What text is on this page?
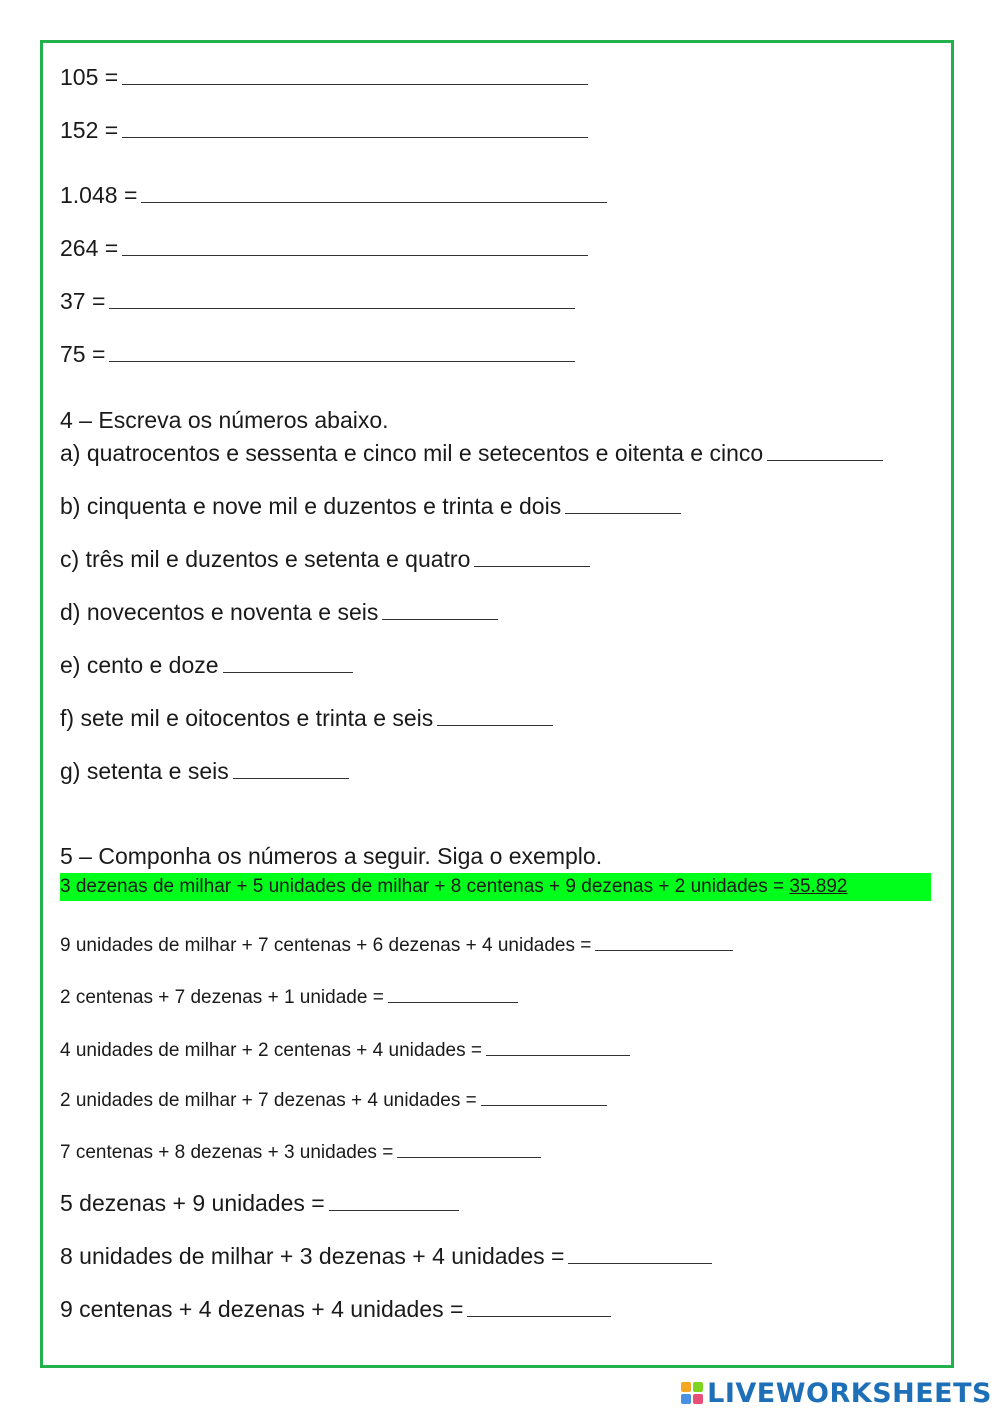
105 =

152 =

1.048 =

264 =

37 =

75 =

4 – Escreva os números abaixo.

a) quatrocentos e sessenta e cinco mil e setecentos e oitenta e cinco

b) cinquenta e nove mil e duzentos e trinta e dois

c) três mil e duzentos e setenta e quatro

d) novecentos e noventa e seis

e) cento e doze

f) sete mil e oitocentos e trinta e seis

g) setenta e seis

5 – Componha os números a seguir. Siga o exemplo.

3 dezenas de milhar + 5 unidades de milhar + 8 centenas + 9 dezenas + 2 unidades = 35.892

9 unidades de milhar + 7 centenas + 6 dezenas + 4 unidades =

2 centenas + 7 dezenas + 1 unidade =

4 unidades de milhar + 2 centenas + 4 unidades =

2 unidades de milhar + 7 dezenas + 4 unidades =

7 centenas + 8 dezenas + 3 unidades =

5 dezenas + 9 unidades =

8 unidades de milhar + 3 dezenas + 4 unidades =

9 centenas + 4 dezenas + 4 unidades =

LIVEWORKSHEETS
